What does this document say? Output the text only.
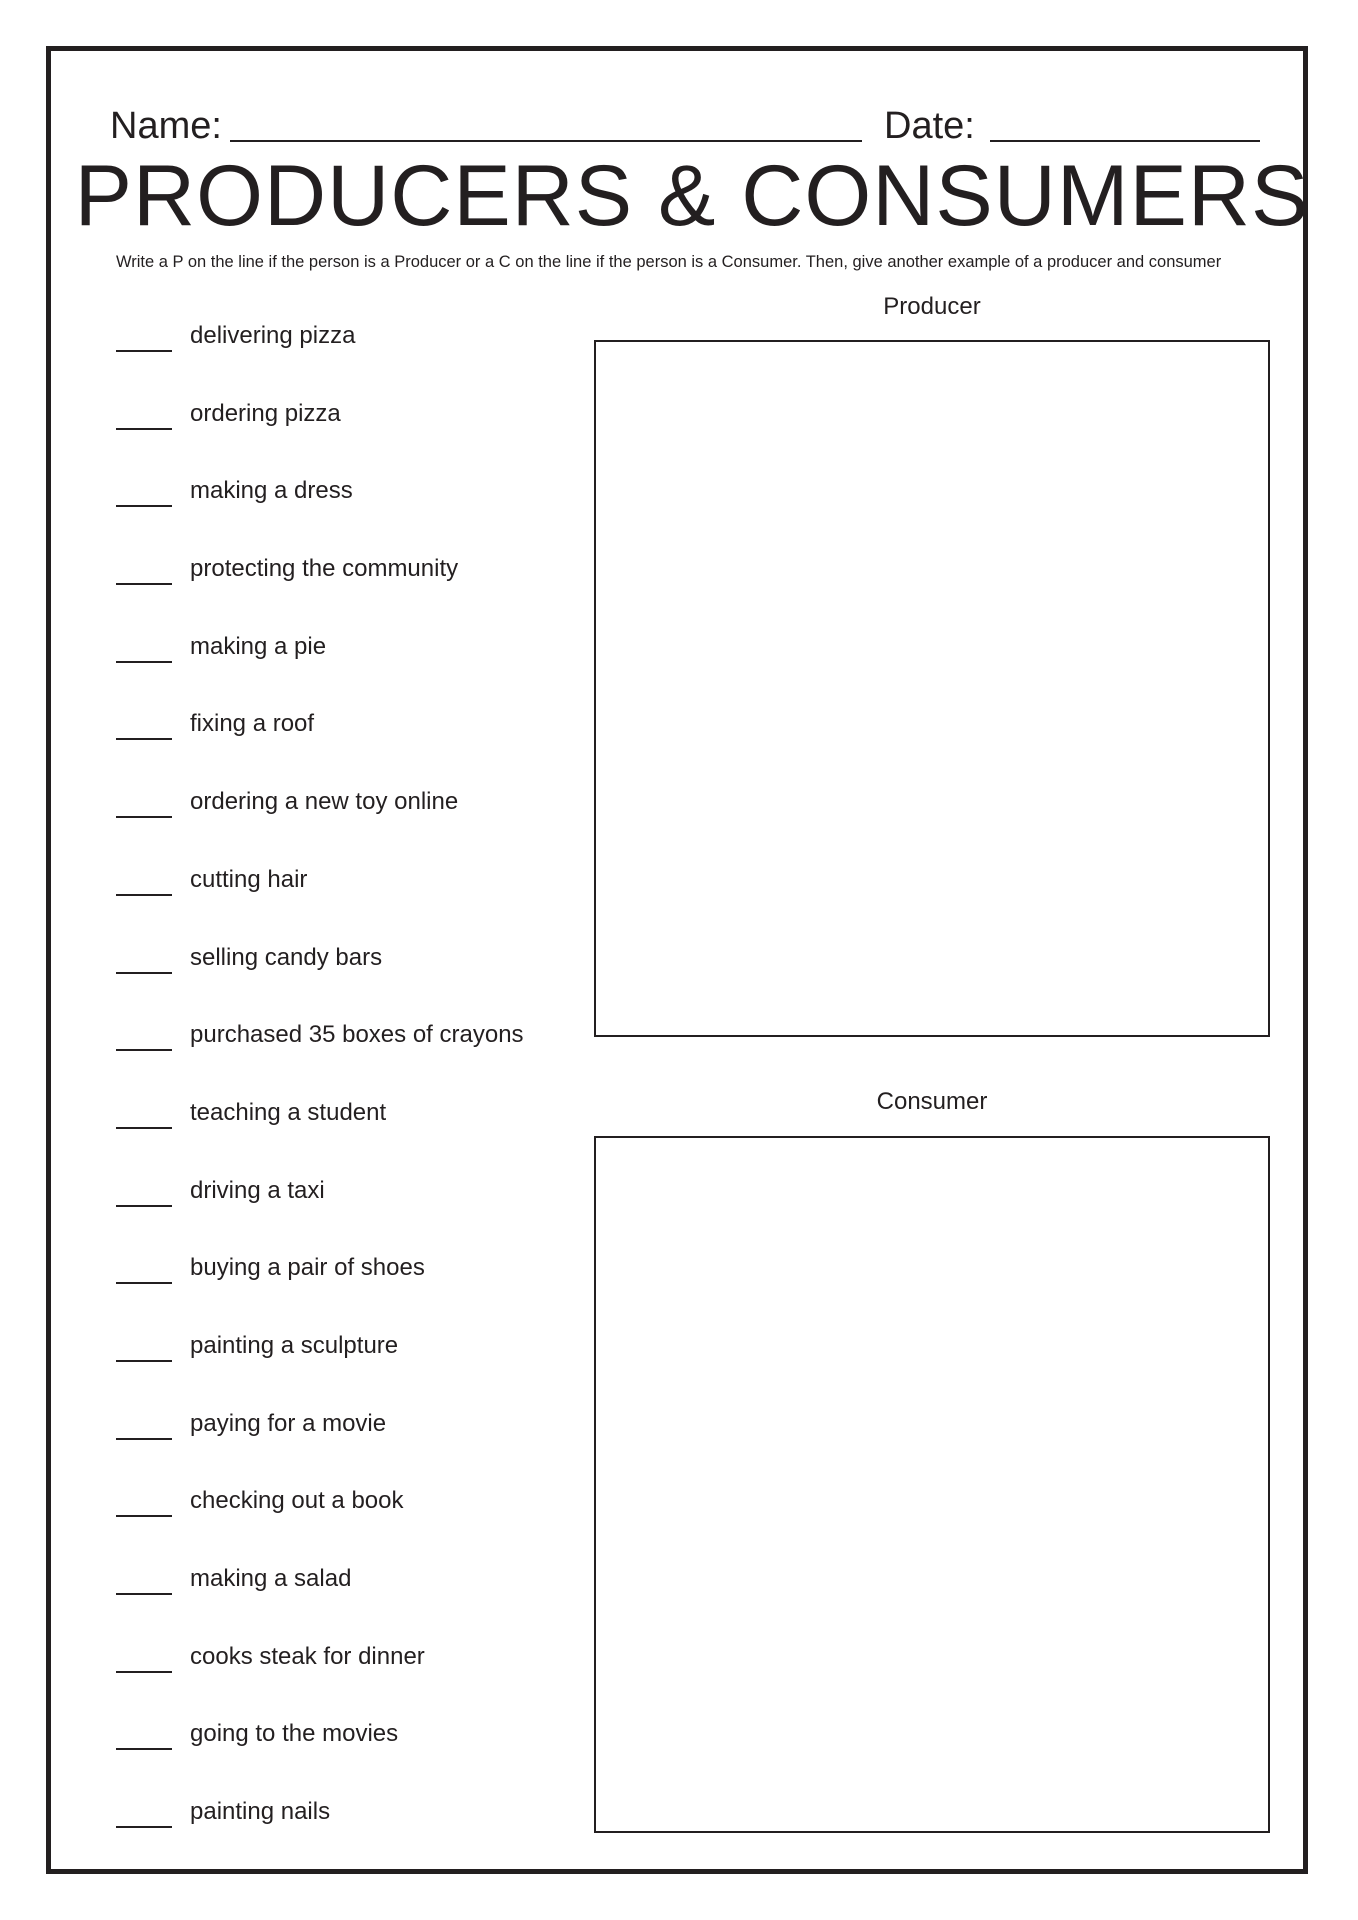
Name:	Date:
PRODUCERS & CONSUMERS
Write a P on the line if the person is a Producer or a C on the line if the person is a Consumer. Then, give another example of a producer and consumer
delivering pizza
ordering pizza
making a dress
protecting the community
making a pie
fixing a roof
ordering a new toy online
cutting hair
selling candy bars
purchased 35 boxes of crayons
teaching a student
driving a taxi
buying a pair of shoes
painting a sculpture
paying for a movie
checking out a book
making a salad
cooks steak for dinner
going to the movies
painting nails
Producer
Consumer
